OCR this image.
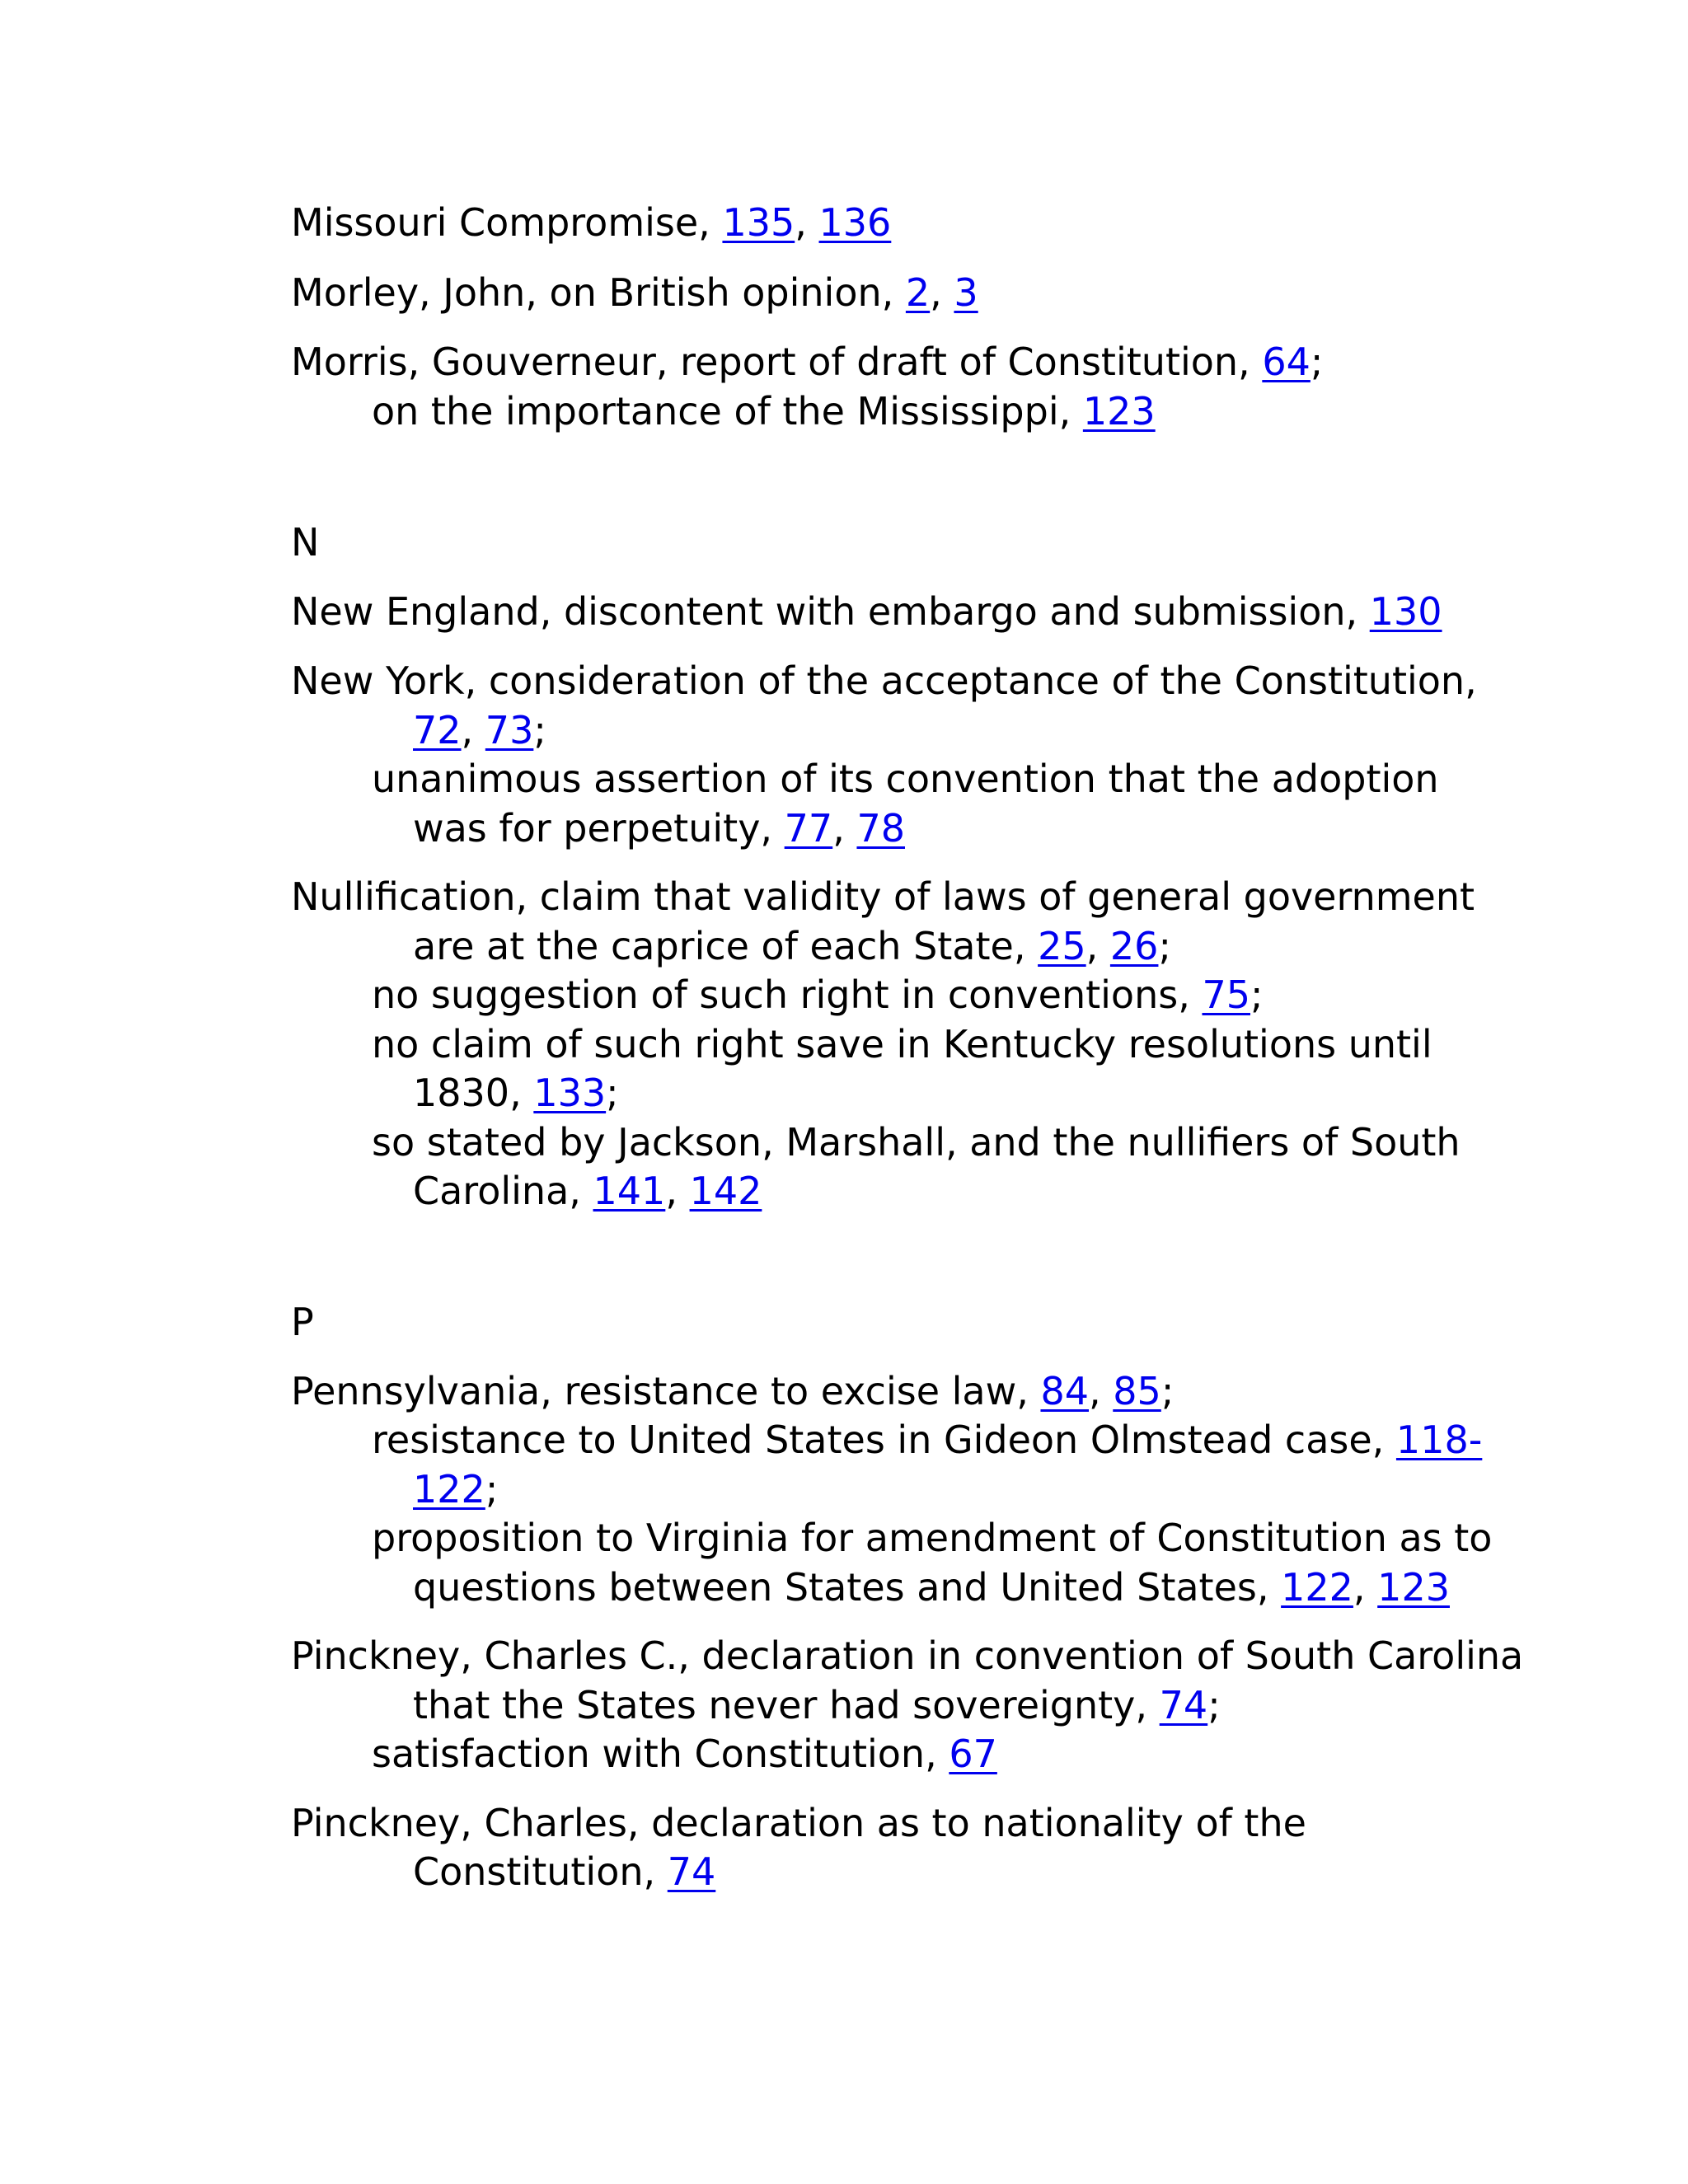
Missouri Compromise, 135, 136
Morley, John, on British opinion, 2, 3
Morris, Gouverneur, report of draft of Constitution, 64;
on the importance of the Mississippi, 123
N
New England, discontent with embargo and submission, 130
New York, consideration of the acceptance of the Constitution,
72, 73;
unanimous assertion of its convention that the adoption
was for perpetuity, 77, 78
Nullification, claim that validity of laws of general government
are at the caprice of each State, 25, 26;
no suggestion of such right in conventions, 75;
no claim of such right save in Kentucky resolutions until
1830, 133;
so stated by Jackson, Marshall, and the nullifiers of South
Carolina, 141, 142
P
Pennsylvania, resistance to excise law, 84, 85;
resistance to United States in Gideon Olmstead case, 118-
122;
proposition to Virginia for amendment of Constitution as to
questions between States and United States, 122, 123
Pinckney, Charles C., declaration in convention of South Carolina
that the States never had sovereignty, 74;
satisfaction with Constitution, 67
Pinckney, Charles, declaration as to nationality of the
Constitution, 74
